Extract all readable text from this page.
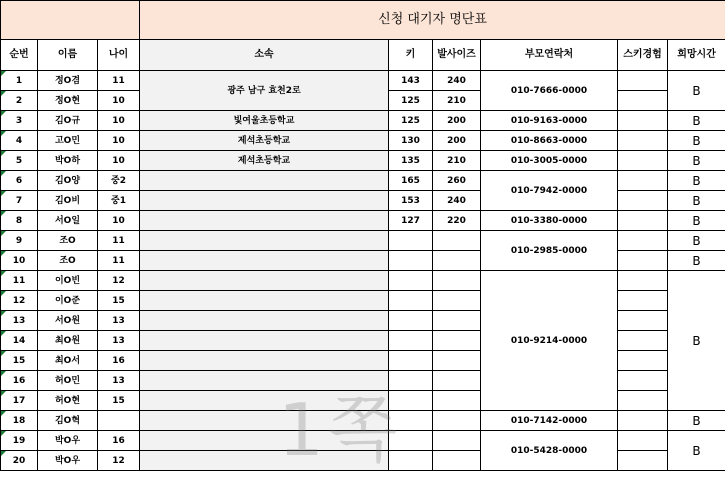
			신청 대기자 명단표					
순번	이름	나이	소속	키	발사이즈	부모연락처	스키경험	희망시간
1	정O겸	11	광주 남구 효천2로	143	240	010-7666-0000		B
2	정O현	10		125	210			
3	김O규	10	빛여울초등학교	125	200	010-9163-0000		B
4	고O민	10	제석초등학교	130	200	010-8663-0000		B
5	박O하	10	제석초등학교	135	210	010-3005-0000		B
6	김O양	중2		165	260	010-7942-0000		B
7	김O비	중1		153	240			B
8	서O일	10		127	220	010-3380-0000		B
9	조O	11				010-2985-0000		B
10	조O	11						B
11	이O빈	12				010-9214-0000		B
12	이O준	15						
13	서O원	13						
14	최O원	13						
15	최O서	16						
16	허O민	13						
17	허O현	15						
18	김O혁					010-7142-0000		B
19	박O우	16				010-5428-0000		B
20	박O우	12						1쪽
